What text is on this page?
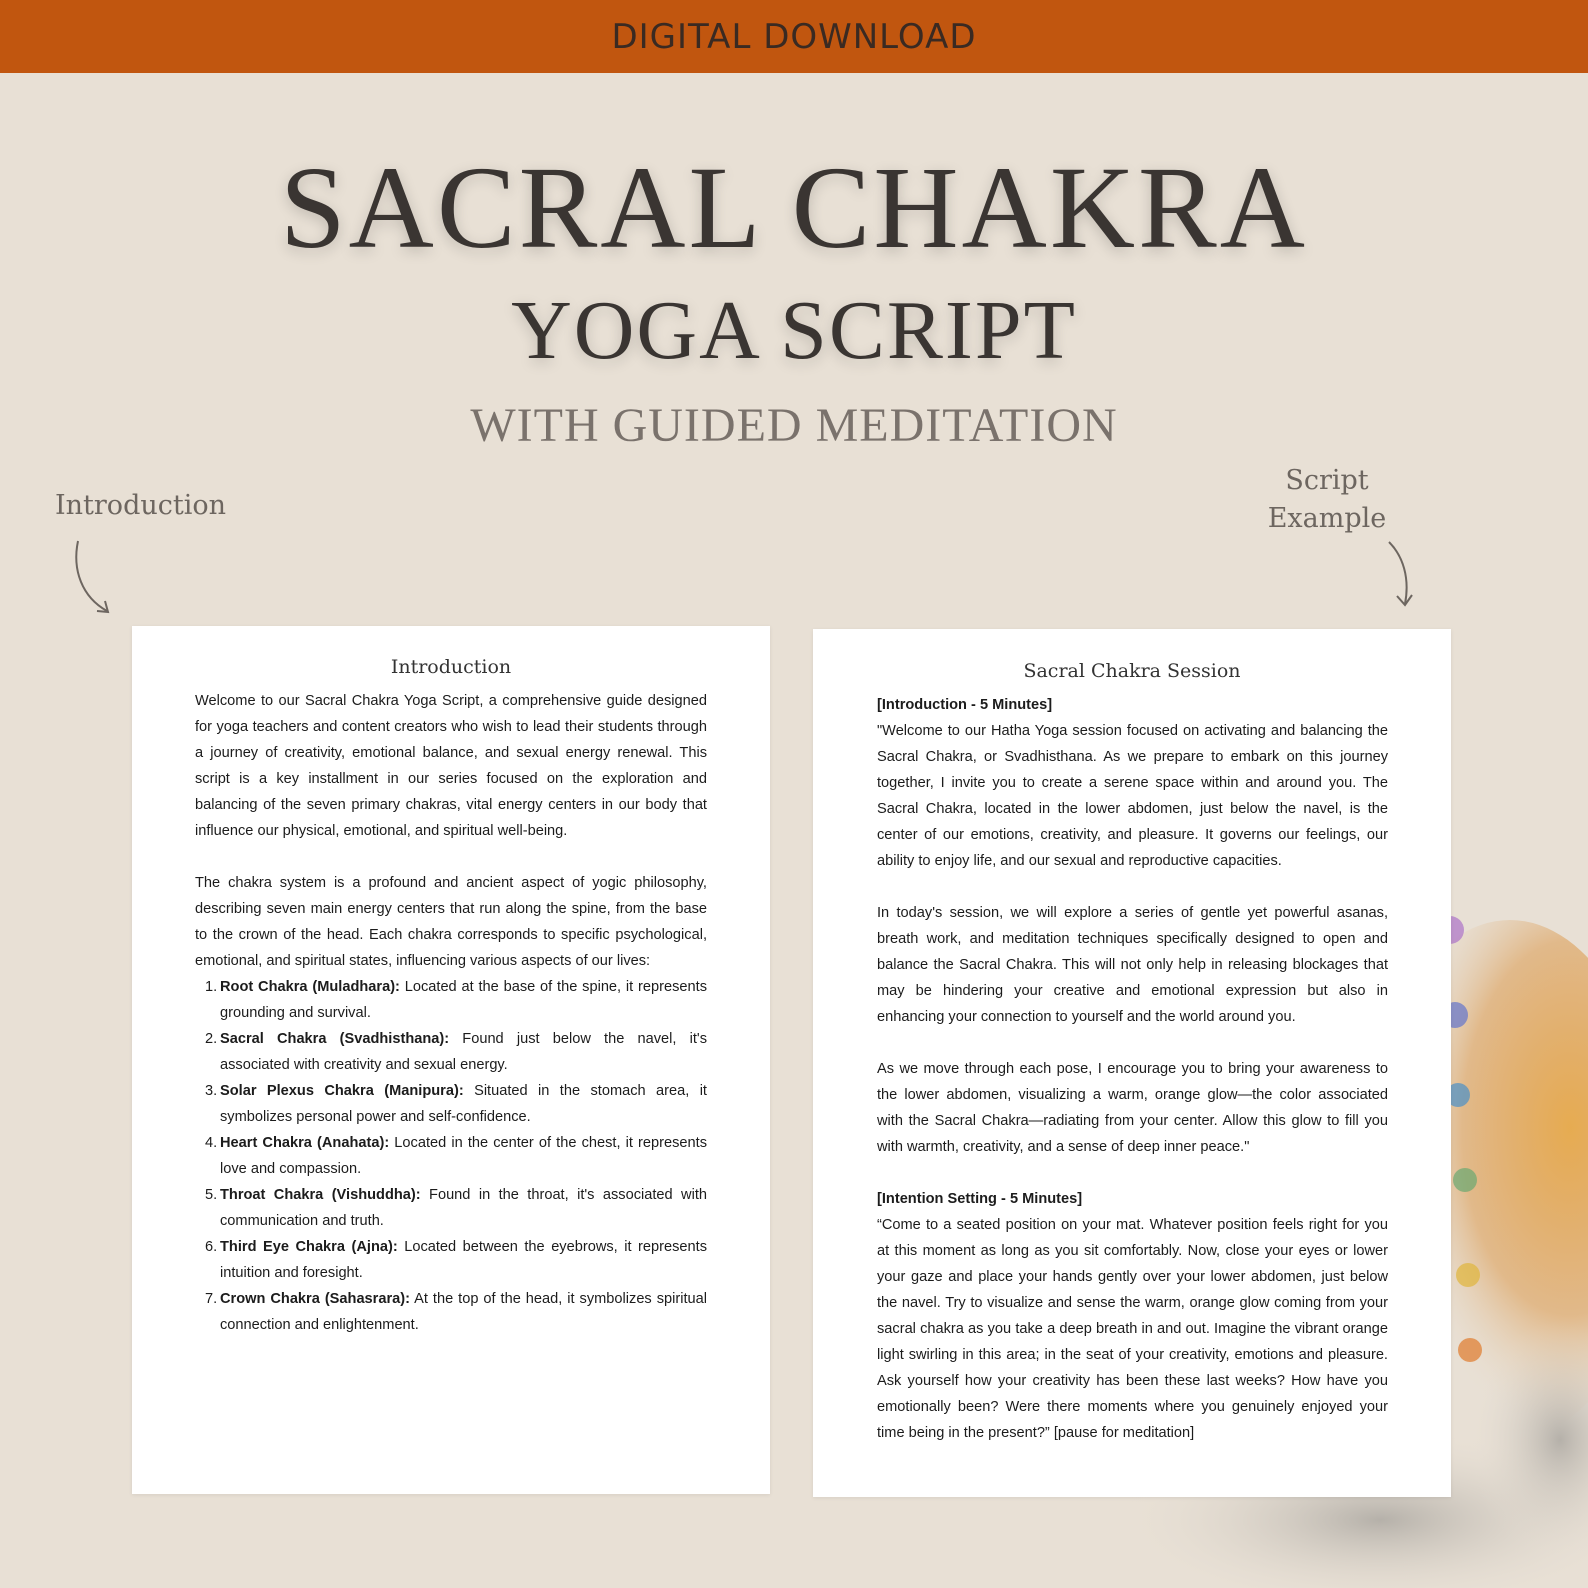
DIGITAL DOWNLOAD
SACRAL CHAKRA
YOGA SCRIPT
WITH GUIDED MEDITATION
Introduction
Script
Example
Introduction

Welcome to our Sacral Chakra Yoga Script, a comprehensive guide designed for yoga teachers and content creators who wish to lead their students through a journey of creativity, emotional balance, and sexual energy renewal. This script is a key installment in our series focused on the exploration and balancing of the seven primary chakras, vital energy centers in our body that influence our physical, emotional, and spiritual well-being.

The chakra system is a profound and ancient aspect of yogic philosophy, describing seven main energy centers that run along the spine, from the base to the crown of the head. Each chakra corresponds to specific psychological, emotional, and spiritual states, influencing various aspects of our lives:

1. Root Chakra (Muladhara): Located at the base of the spine, it represents grounding and survival.
2. Sacral Chakra (Svadhisthana): Found just below the navel, it's associated with creativity and sexual energy.
3. Solar Plexus Chakra (Manipura): Situated in the stomach area, it symbolizes personal power and self-confidence.
4. Heart Chakra (Anahata): Located in the center of the chest, it represents love and compassion.
5. Throat Chakra (Vishuddha): Found in the throat, it's associated with communication and truth.
6. Third Eye Chakra (Ajna): Located between the eyebrows, it represents intuition and foresight.
7. Crown Chakra (Sahasrara): At the top of the head, it symbolizes spiritual connection and enlightenment.
Sacral Chakra Session

[Introduction - 5 Minutes]

"Welcome to our Hatha Yoga session focused on activating and balancing the Sacral Chakra, or Svadhisthana. As we prepare to embark on this journey together, I invite you to create a serene space within and around you. The Sacral Chakra, located in the lower abdomen, just below the navel, is the center of our emotions, creativity, and pleasure. It governs our feelings, our ability to enjoy life, and our sexual and reproductive capacities.

In today's session, we will explore a series of gentle yet powerful asanas, breath work, and meditation techniques specifically designed to open and balance the Sacral Chakra. This will not only help in releasing blockages that may be hindering your creative and emotional expression but also in enhancing your connection to yourself and the world around you.

As we move through each pose, I encourage you to bring your awareness to the lower abdomen, visualizing a warm, orange glow—the color associated with the Sacral Chakra—radiating from your center. Allow this glow to fill you with warmth, creativity, and a sense of deep inner peace."

[Intention Setting - 5 Minutes]

“Come to a seated position on your mat. Whatever position feels right for you at this moment as long as you sit comfortably. Now, close your eyes or lower your gaze and place your hands gently over your lower abdomen, just below the navel. Try to visualize and sense the warm, orange glow coming from your sacral chakra as you take a deep breath in and out. Imagine the vibrant orange light swirling in this area; in the seat of your creativity, emotions and pleasure. Ask yourself how your creativity has been these last weeks? How have you emotionally been? Were there moments where you genuinely enjoyed your time being in the present?” [pause for meditation]
